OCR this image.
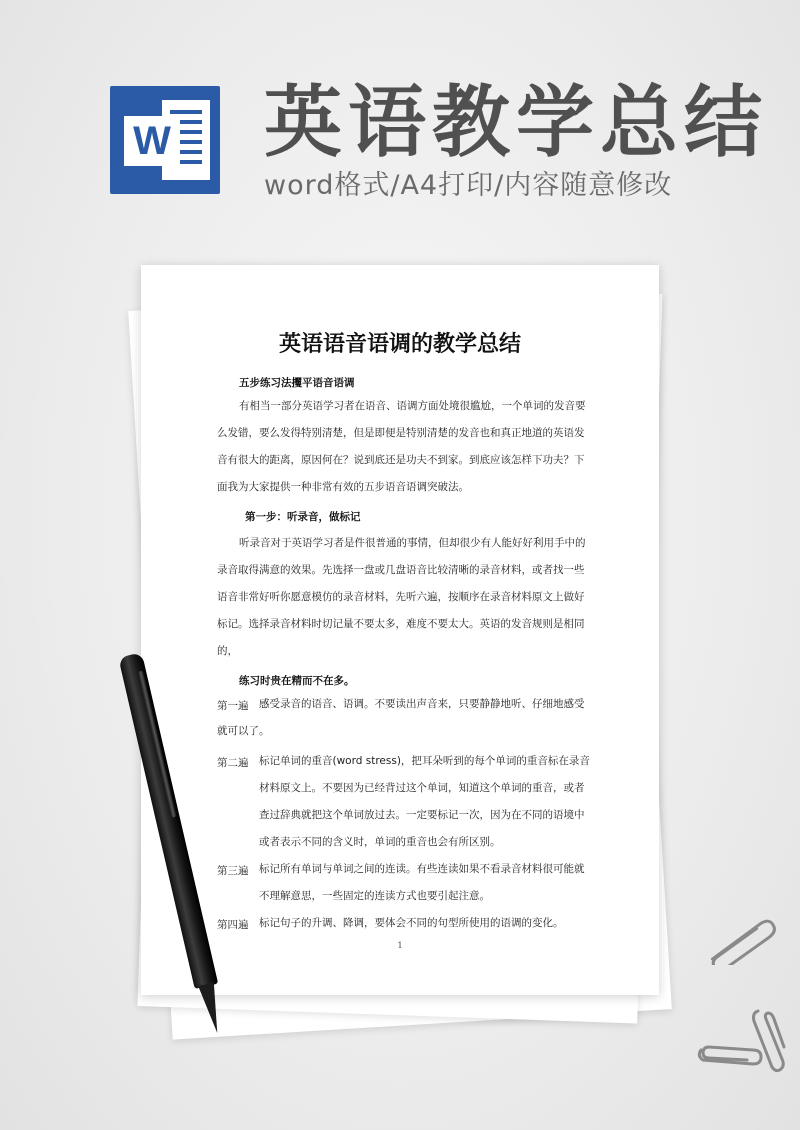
W 英语教学总结
word格式/A4打印/内容随意修改
英语语音语调的教学总结
五步练习法攫平语音语调
有相当一部分英语学习者在语音、语调方面处境很尴尬，一个单词的发音要
么发错，要么发得特别清楚，但是即便是特别清楚的发音也和真正地道的英语发
音有很大的距离，原因何在？说到底还是功夫不到家。到底应该怎样下功夫？下
面我为大家提供一种非常有效的五步语音语调突破法。
第一步：听录音，做标记
听录音对于英语学习者是件很普通的事情，但却很少有人能好好利用手中的
录音取得满意的效果。先选择一盘或几盘语音比较清晰的录音材料，或者找一些
语音非常好听你愿意模仿的录音材料，先听六遍，按顺序在录音材料原文上做好
标记。选择录音材料时切记量不要太多，难度不要太大。英语的发音规则是相同
的，
练习时贵在精而不在多。
第一遍 感受录音的语音、语调。不要读出声音来，只要静静地听、仔细地感受
就可以了。
第二遍 标记单词的重音(word stress)，把耳朵听到的每个单词的重音标在录音
材料原文上。不要因为已经背过这个单词，知道这个单词的重音，或者
查过辞典就把这个单词放过去。一定要标记一次，因为在不同的语境中
或者表示不同的含义时，单词的重音也会有所区别。
第三遍 标记所有单词与单词之间的连读。有些连读如果不看录音材料很可能就
不理解意思，一些固定的连读方式也要引起注意。
第四遍 标记句子的升调、降调，要体会不同的句型所使用的语调的变化。
1
